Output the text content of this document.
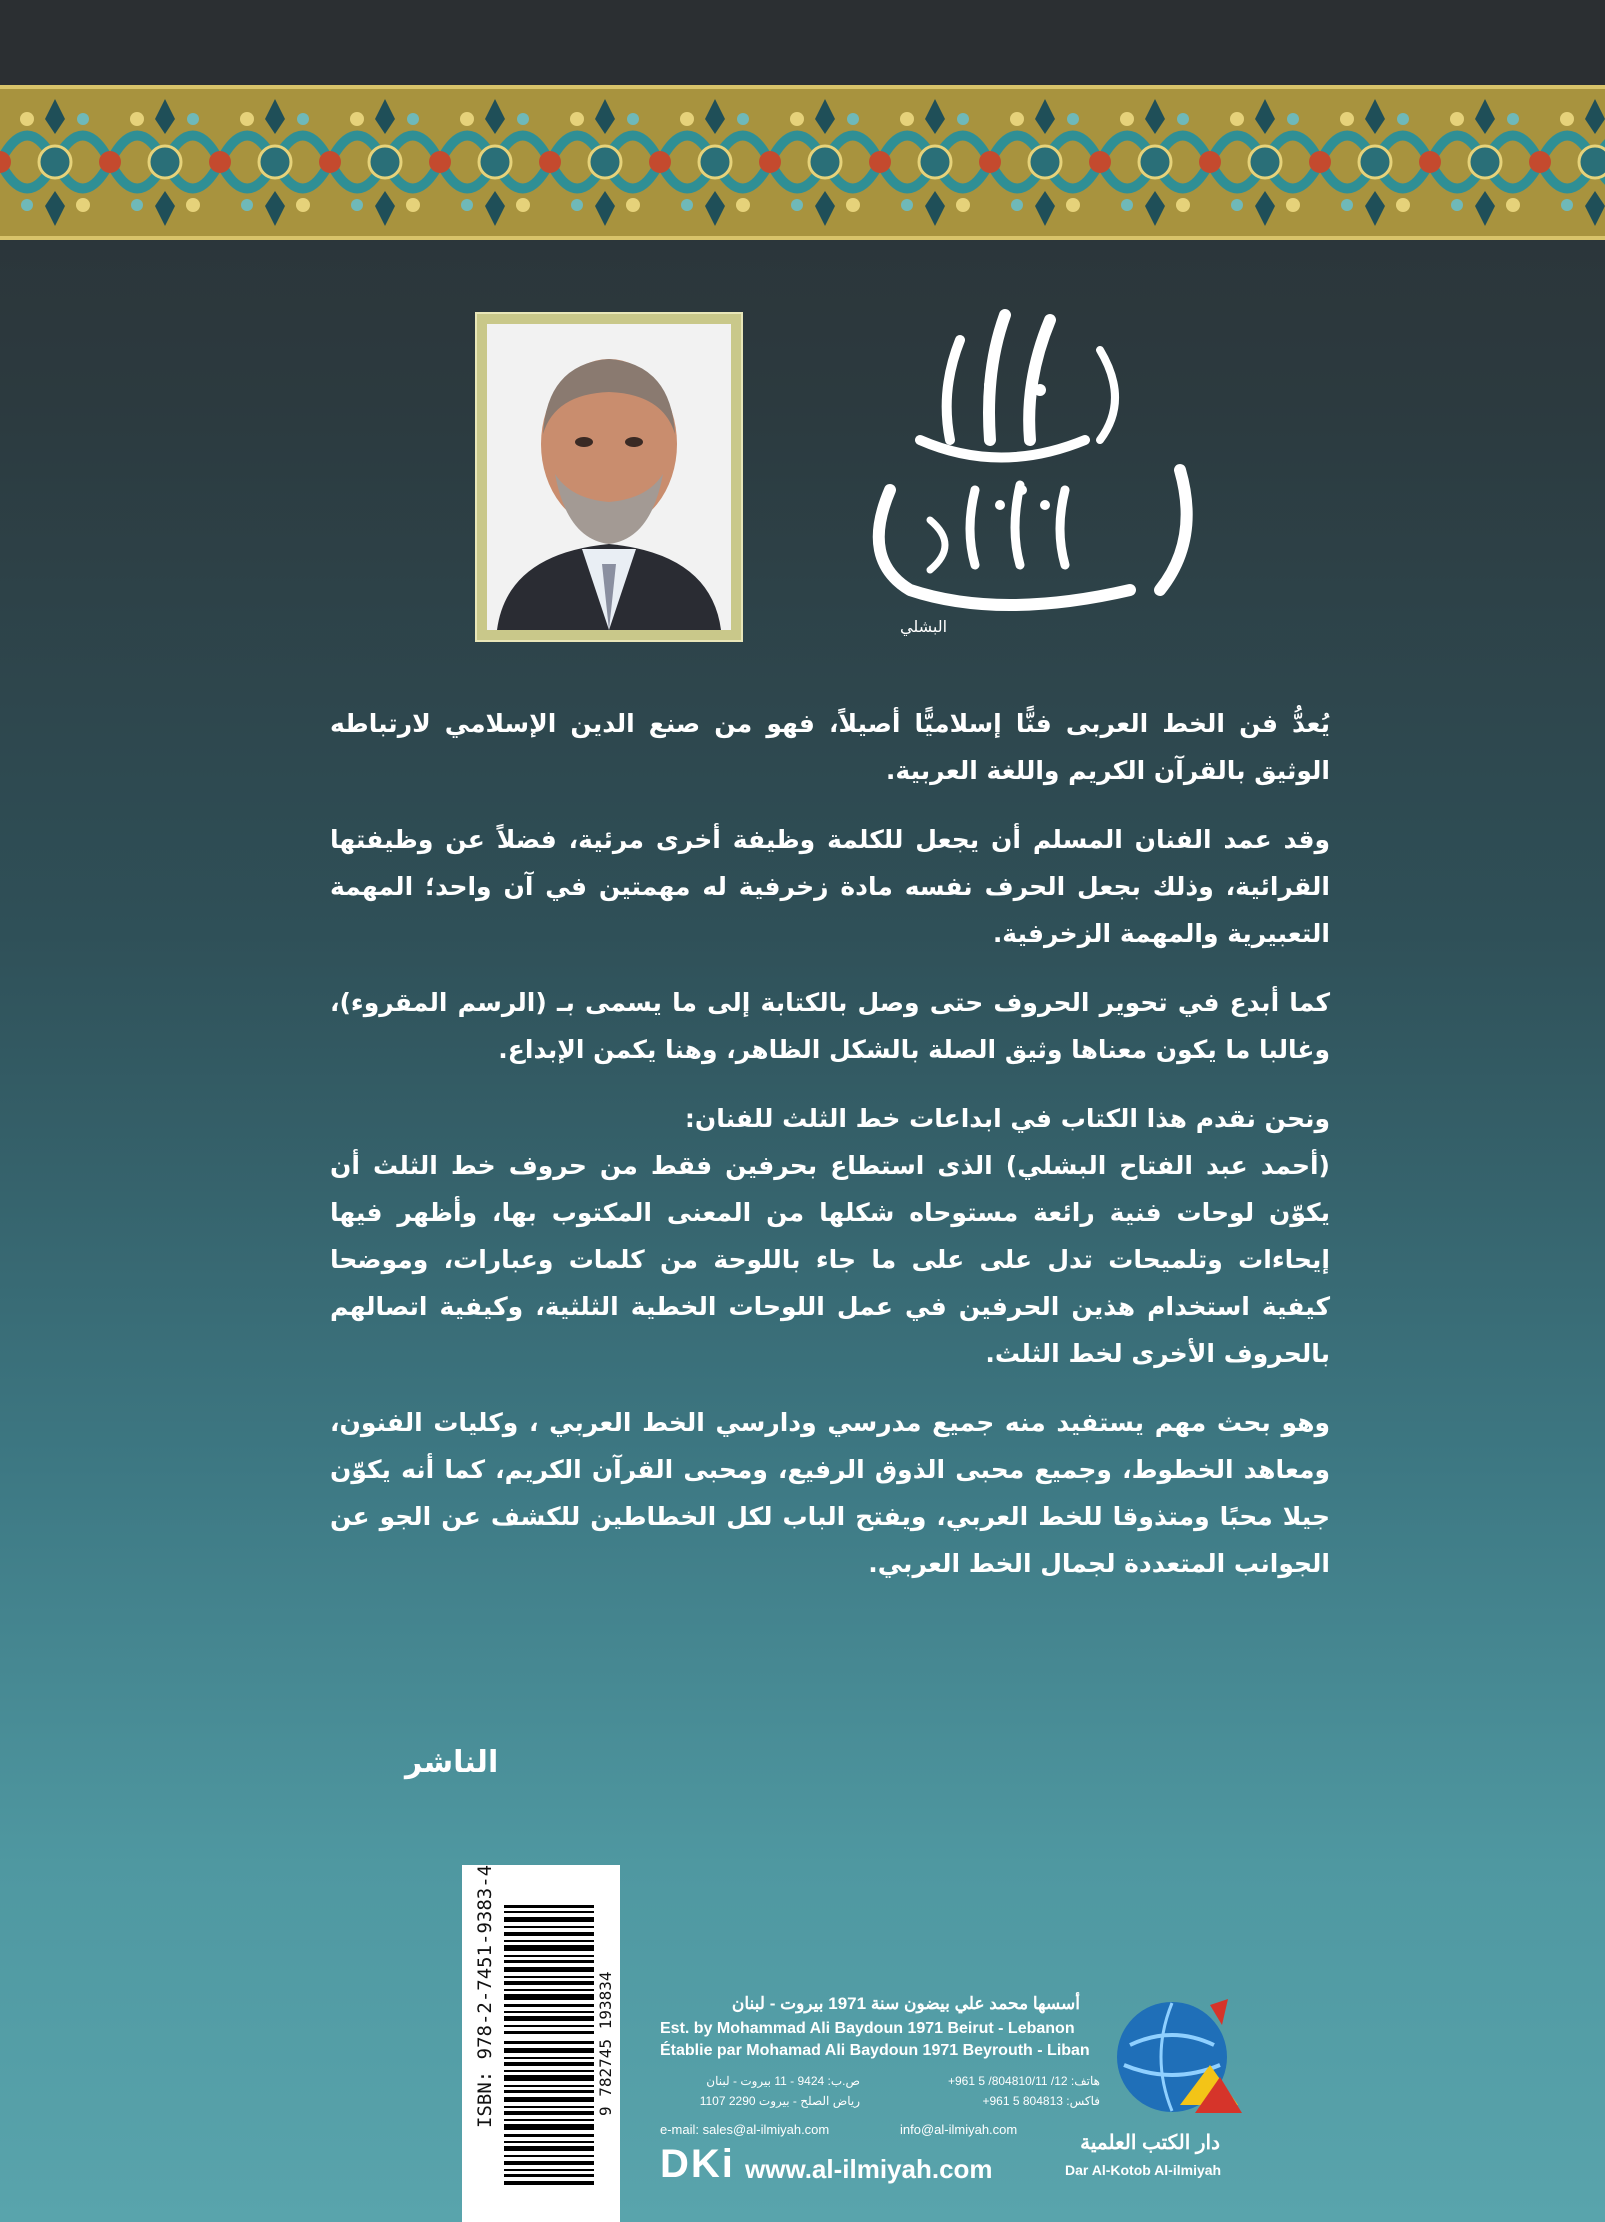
البشلي

يُعدُّ فن الخط العربى فنًّا إسلاميًّا أصيلاً، فهو من صنع الدين الإسلامي لارتباطه الوثيق بالقرآن الكريم واللغة العربية.

وقد عمد الفنان المسلم أن يجعل للكلمة وظيفة أخرى مرئية، فضلاً عن وظيفتها القرائية، وذلك بجعل الحرف نفسه مادة زخرفية له مهمتين في آن واحد؛ المهمة التعبيرية والمهمة الزخرفية.

كما أبدع في تحوير الحروف حتى وصل بالكتابة إلى ما يسمى بـ (الرسم المقروء)، وغالبا ما يكون معناها وثيق الصلة بالشكل الظاهر، وهنا يكمن الإبداع.

ونحن نقدم هذا الكتاب في ابداعات خط الثلث للفنان:

(أحمد عبد الفتاح البشلي) الذى استطاع بحرفين فقط من حروف خط الثلث أن يكوّن لوحات فنية رائعة مستوحاه شكلها من المعنى المكتوب بها، وأظهر فيها إيحاءات وتلميحات تدل على على ما جاء باللوحة من كلمات وعبارات، وموضحا كيفية استخدام هذين الحرفين في عمل اللوحات الخطية الثلثية، وكيفية اتصالهم بالحروف الأخرى لخط الثلث.

وهو بحث مهم يستفيد منه جميع مدرسي ودارسي الخط العربي ، وكليات الفنون، ومعاهد الخطوط، وجميع محبى الذوق الرفيع، ومحبى القرآن الكريم، كما أنه يكوّن جيلا محبًا ومتذوقا للخط العربي، ويفتح الباب لكل الخطاطين للكشف عن الجو عن الجوانب المتعددة لجمال الخط العربي.

الناشر
ISBN: 978-2-7451-9383-4	9 782745 193834	أسسها محمد علي بيضون سنة 1971 بيروت - لبنان
Est. by Mohammad Ali Baydoun 1971 Beirut - Lebanon
Établie par Mohamad Ali Baydoun 1971 Beyrouth - Liban
ص.ب: 9424 - 11 بيروت - لبنان	هاتف: 12/ 804810/11/ 5 961+
رياض الصلح - بيروت 2290 1107	فاكس: 804813 5 961+
e-mail: sales@al-ilmiyah.com	info@al-ilmiyah.com
DKi www.al-ilmiyah.com
دار الكتب العلمية
Dar Al-Kotob Al-ilmiyah
